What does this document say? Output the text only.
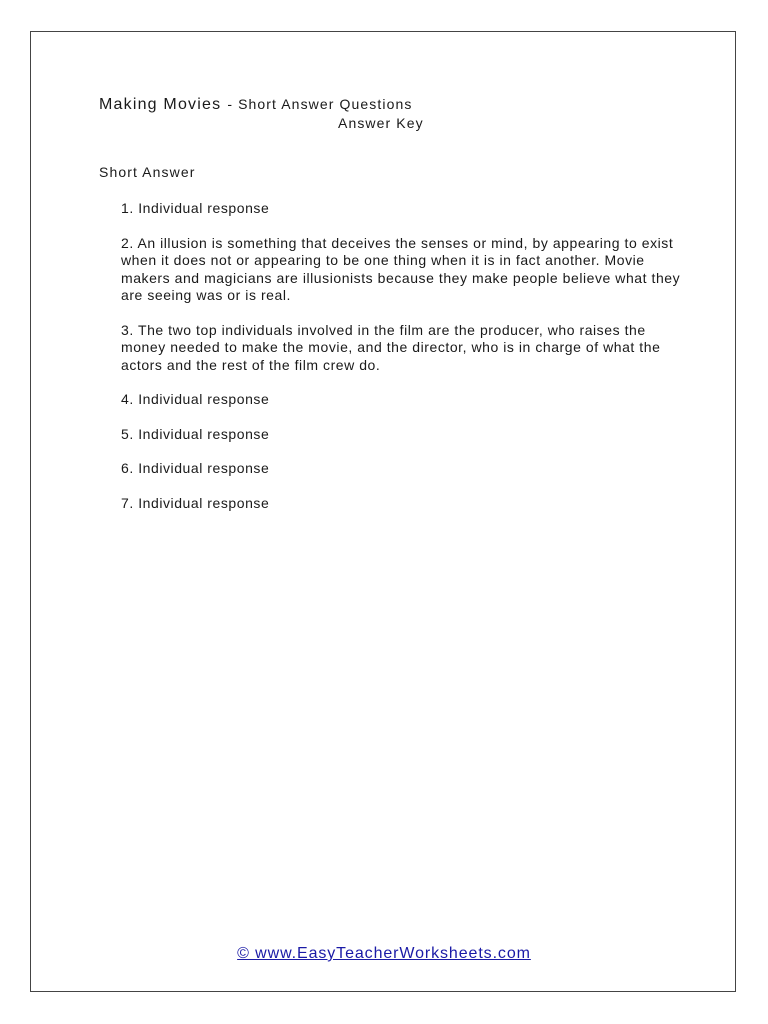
Making Movies - Short Answer Questions
Answer Key
Short Answer
1. Individual response
2. An illusion is something that deceives the senses or mind, by appearing to exist when it does not or appearing to be one thing when it is in fact another. Movie makers and magicians are illusionists because they make people believe what they are seeing was or is real.
3. The two top individuals involved in the film are the producer, who raises the money needed to make the movie, and the director, who is in charge of what the actors and the rest of the film crew do.
4. Individual response
5. Individual response
6. Individual response
7. Individual response
© www.EasyTeacherWorksheets.com
